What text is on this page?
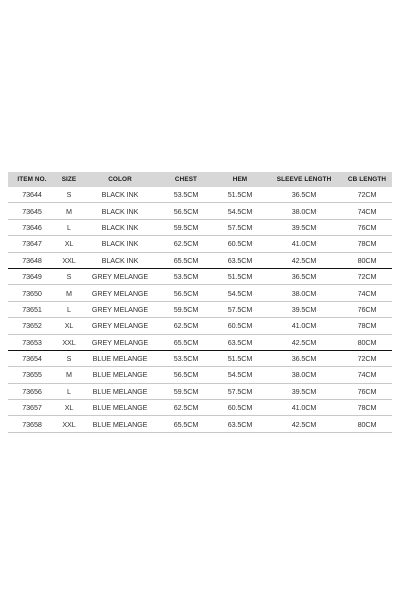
ITEM NO.	SIZE	COLOR	CHEST	HEM	SLEEVE LENGTH	CB LENGTH
73644	S	BLACK INK	53.5CM	51.5CM	36.5CM	72CM
73645	M	BLACK INK	56.5CM	54.5CM	38.0CM	74CM
73646	L	BLACK INK	59.5CM	57.5CM	39.5CM	76CM
73647	XL	BLACK INK	62.5CM	60.5CM	41.0CM	78CM
73648	XXL	BLACK INK	65.5CM	63.5CM	42.5CM	80CM
73649	S	GREY MELANGE	53.5CM	51.5CM	36.5CM	72CM
73650	M	GREY MELANGE	56.5CM	54.5CM	38.0CM	74CM
73651	L	GREY MELANGE	59.5CM	57.5CM	39.5CM	76CM
73652	XL	GREY MELANGE	62.5CM	60.5CM	41.0CM	78CM
73653	XXL	GREY MELANGE	65.5CM	63.5CM	42.5CM	80CM
73654	S	BLUE MELANGE	53.5CM	51.5CM	36.5CM	72CM
73655	M	BLUE MELANGE	56.5CM	54.5CM	38.0CM	74CM
73656	L	BLUE MELANGE	59.5CM	57.5CM	39.5CM	76CM
73657	XL	BLUE MELANGE	62.5CM	60.5CM	41.0CM	78CM
73658	XXL	BLUE MELANGE	65.5CM	63.5CM	42.5CM	80CM
